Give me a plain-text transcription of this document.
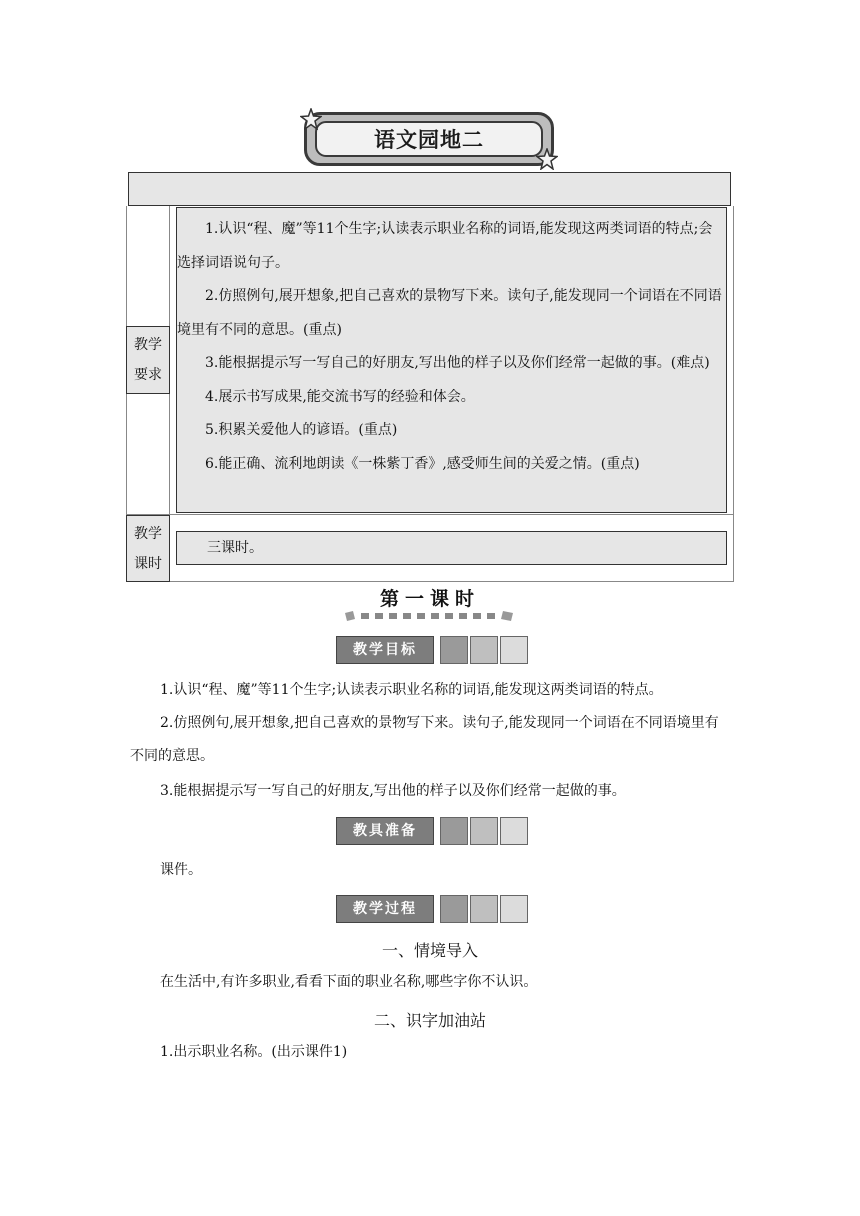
语文园地二
教学
要求
1.认识“程、魔”等11个生字;认读表示职业名称的词语,能发现这两类词语的特点;会选择词语说句子。
2.仿照例句,展开想象,把自己喜欢的景物写下来。读句子,能发现同一个词语在不同语境里有不同的意思。(重点)
3.能根据提示写一写自己的好朋友,写出他的样子以及你们经常一起做的事。(难点)
4.展示书写成果,能交流书写的经验和体会。
5.积累关爱他人的谚语。(重点)
6.能正确、流利地朗读《一株紫丁香》,感受师生间的关爱之情。(重点)
教学
课时
三课时。
第一课时
教学目标
1.认识“程、魔”等11个生字;认读表示职业名称的词语,能发现这两类词语的特点。
2.仿照例句,展开想象,把自己喜欢的景物写下来。读句子,能发现同一个词语在不同语境里有不同的意思。
3.能根据提示写一写自己的好朋友,写出他的样子以及你们经常一起做的事。
教具准备
课件。
教学过程
一、情境导入
在生活中,有许多职业,看看下面的职业名称,哪些字你不认识。
二、识字加油站
1.出示职业名称。(出示课件1)
